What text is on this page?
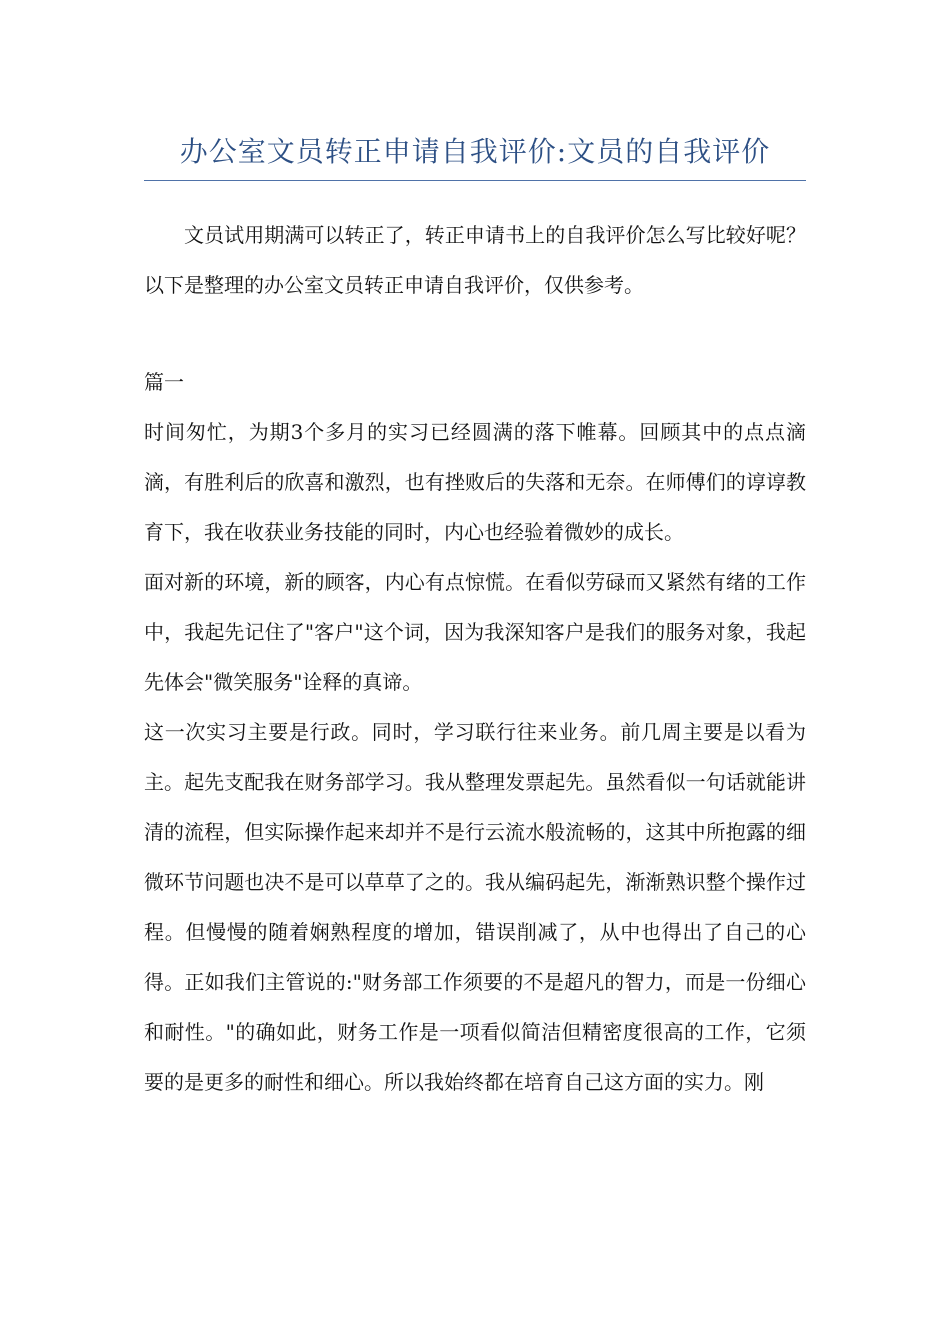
办公室文员转正申请自我评价:文员的自我评价

文员试用期满可以转正了，转正申请书上的自我评价怎么写比较好呢？以下是整理的办公室文员转正申请自我评价，仅供参考。

篇一

时间匆忙，为期3个多月的实习已经圆满的落下帷幕。回顾其中的点点滴滴，有胜利后的欣喜和激烈，也有挫败后的失落和无奈。在师傅们的谆谆教育下，我在收获业务技能的同时，内心也经验着微妙的成长。

面对新的环境，新的顾客，内心有点惊慌。在看似劳碌而又紧然有绪的工作中，我起先记住了"客户"这个词，因为我深知客户是我们的服务对象，我起先体会"微笑服务"诠释的真谛。

这一次实习主要是行政。同时，学习联行往来业务。前几周主要是以看为主。起先支配我在财务部学习。我从整理发票起先。虽然看似一句话就能讲清的流程，但实际操作起来却并不是行云流水般流畅的，这其中所抱露的细微环节问题也决不是可以草草了之的。我从编码起先，渐渐熟识整个操作过程。但慢慢的随着娴熟程度的增加，错误削减了，从中也得出了自己的心得。正如我们主管说的:"财务部工作须要的不是超凡的智力，而是一份细心和耐性。"的确如此，财务工作是一项看似简洁但精密度很高的工作，它须要的是更多的耐性和细心。所以我始终都在培育自己这方面的实力。刚
